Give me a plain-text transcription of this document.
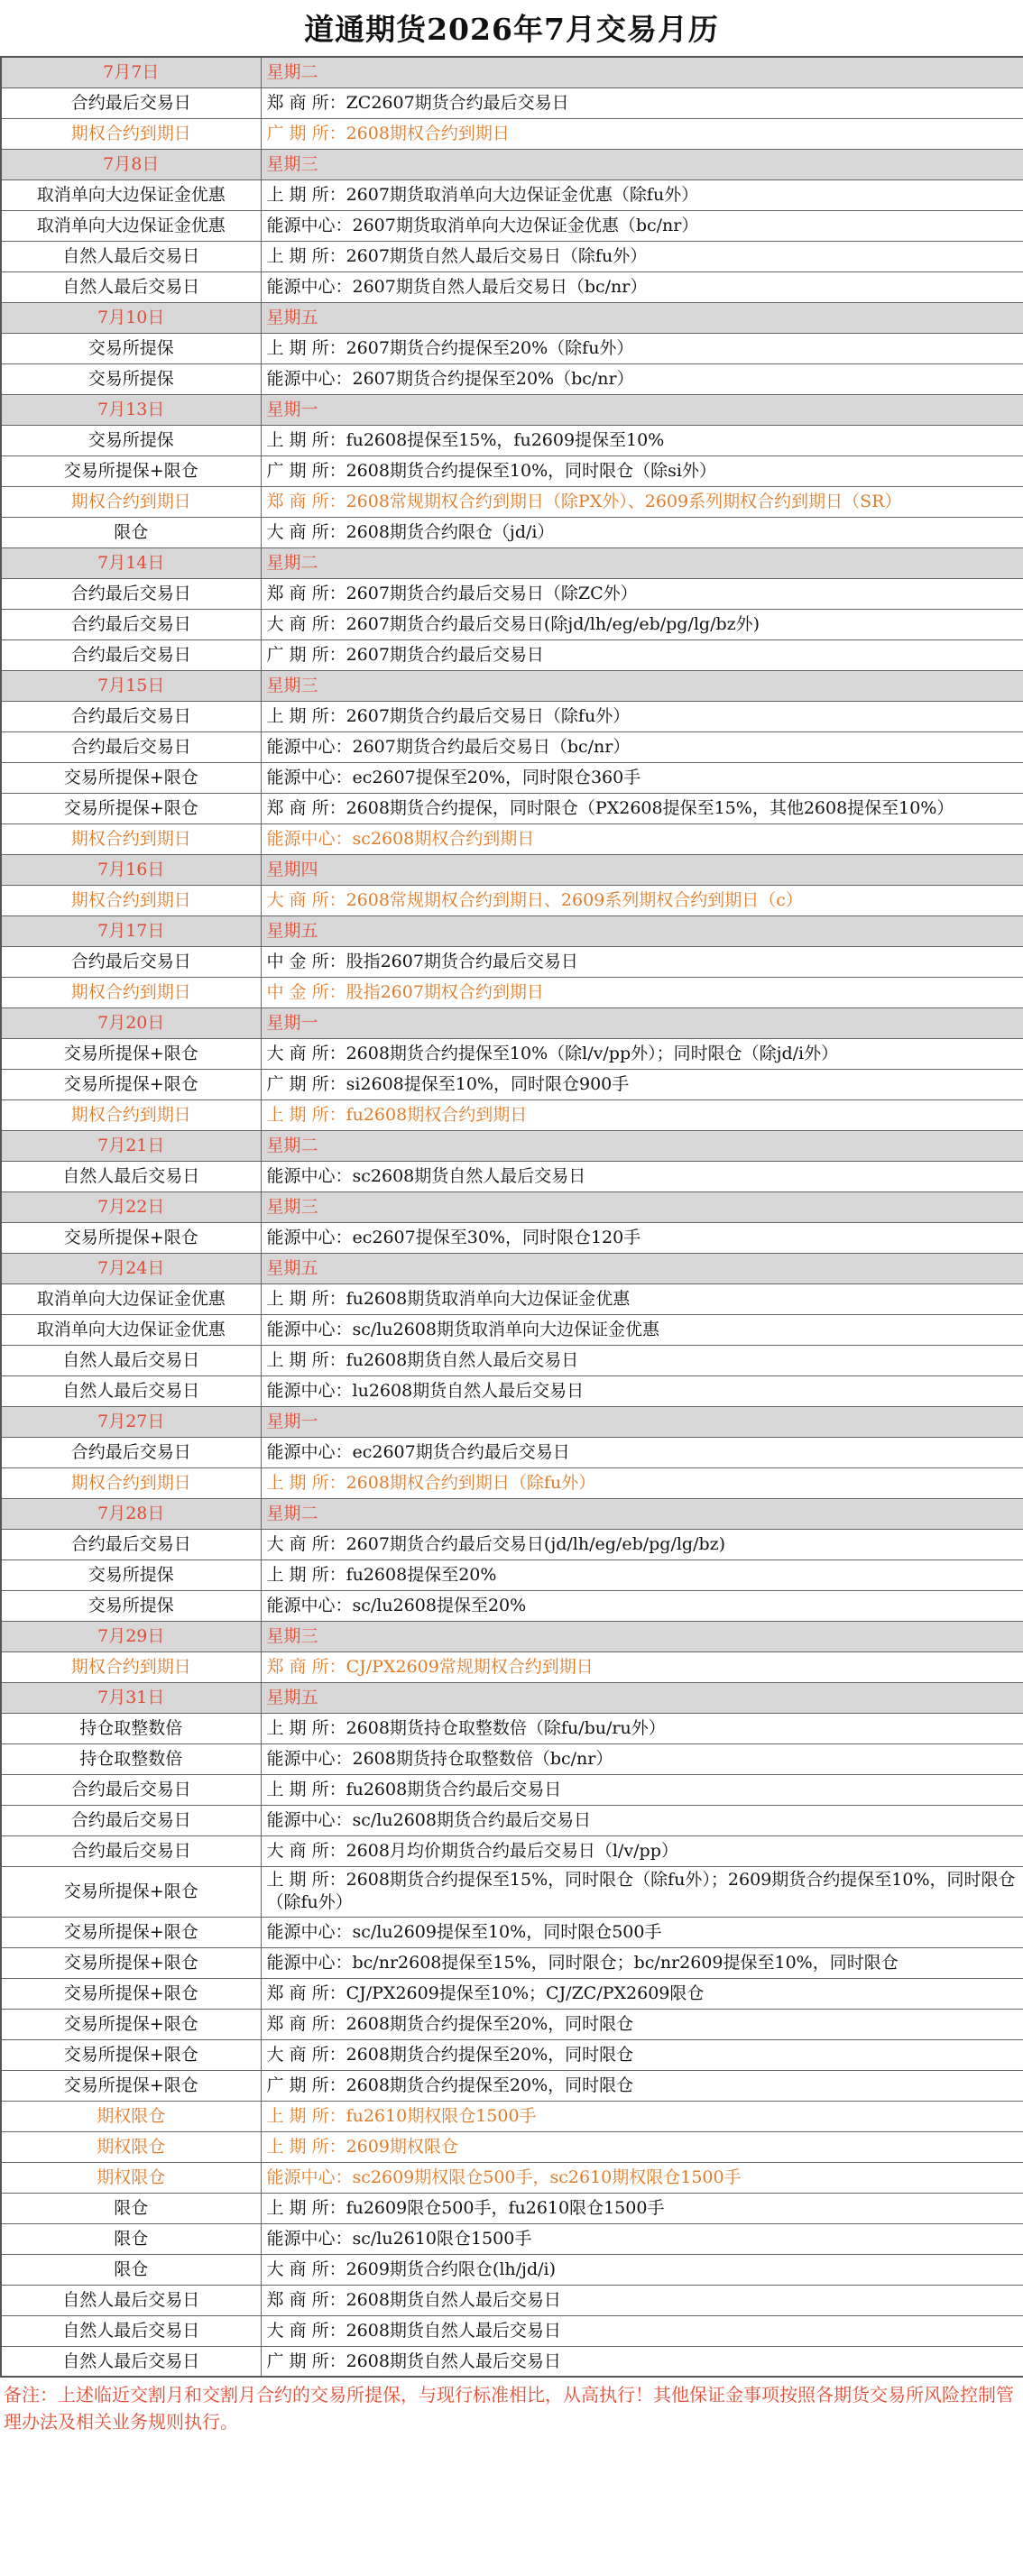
道通期货2026年7月交易月历
7月7日	星期二
合约最后交易日	郑 商 所：ZC2607期货合约最后交易日
期权合约到期日	广 期 所：2608期权合约到期日
7月8日	星期三
取消单向大边保证金优惠	上 期 所：2607期货取消单向大边保证金优惠（除fu外）
取消单向大边保证金优惠	能源中心：2607期货取消单向大边保证金优惠（bc/nr）
自然人最后交易日	上 期 所：2607期货自然人最后交易日（除fu外）
自然人最后交易日	能源中心：2607期货自然人最后交易日（bc/nr）
7月10日	星期五
交易所提保	上 期 所：2607期货合约提保至20%（除fu外）
交易所提保	能源中心：2607期货合约提保至20%（bc/nr）
7月13日	星期一
交易所提保	上 期 所：fu2608提保至15%，fu2609提保至10%
交易所提保+限仓	广 期 所：2608期货合约提保至10%，同时限仓（除si外）
期权合约到期日	郑 商 所：2608常规期权合约到期日（除PX外）、2609系列期权合约到期日（SR）
限仓	大 商 所：2608期货合约限仓（jd/i）
7月14日	星期二
合约最后交易日	郑 商 所：2607期货合约最后交易日（除ZC外）
合约最后交易日	大 商 所：2607期货合约最后交易日(除jd/lh/eg/eb/pg/lg/bz外)
合约最后交易日	广 期 所：2607期货合约最后交易日
7月15日	星期三
合约最后交易日	上 期 所：2607期货合约最后交易日（除fu外）
合约最后交易日	能源中心：2607期货合约最后交易日（bc/nr）
交易所提保+限仓	能源中心：ec2607提保至20%，同时限仓360手
交易所提保+限仓	郑 商 所：2608期货合约提保，同时限仓（PX2608提保至15%，其他2608提保至10%）
期权合约到期日	能源中心：sc2608期权合约到期日
7月16日	星期四
期权合约到期日	大 商 所：2608常规期权合约到期日、2609系列期权合约到期日（c）
7月17日	星期五
合约最后交易日	中 金 所：股指2607期货合约最后交易日
期权合约到期日	中 金 所：股指2607期权合约到期日
7月20日	星期一
交易所提保+限仓	大 商 所：2608期货合约提保至10%（除l/v/pp外）；同时限仓（除jd/i外）
交易所提保+限仓	广 期 所：si2608提保至10%，同时限仓900手
期权合约到期日	上 期 所：fu2608期权合约到期日
7月21日	星期二
自然人最后交易日	能源中心：sc2608期货自然人最后交易日
7月22日	星期三
交易所提保+限仓	能源中心：ec2607提保至30%，同时限仓120手
7月24日	星期五
取消单向大边保证金优惠	上 期 所：fu2608期货取消单向大边保证金优惠
取消单向大边保证金优惠	能源中心：sc/lu2608期货取消单向大边保证金优惠
自然人最后交易日	上 期 所：fu2608期货自然人最后交易日
自然人最后交易日	能源中心：lu2608期货自然人最后交易日
7月27日	星期一
合约最后交易日	能源中心：ec2607期货合约最后交易日
期权合约到期日	上 期 所：2608期权合约到期日（除fu外）
7月28日	星期二
合约最后交易日	大 商 所：2607期货合约最后交易日(jd/lh/eg/eb/pg/lg/bz)
交易所提保	上 期 所：fu2608提保至20%
交易所提保	能源中心：sc/lu2608提保至20%
7月29日	星期三
期权合约到期日	郑 商 所：CJ/PX2609常规期权合约到期日
7月31日	星期五
持仓取整数倍	上 期 所：2608期货持仓取整数倍（除fu/bu/ru外）
持仓取整数倍	能源中心：2608期货持仓取整数倍（bc/nr）
合约最后交易日	上 期 所：fu2608期货合约最后交易日
合约最后交易日	能源中心：sc/lu2608期货合约最后交易日
合约最后交易日	大 商 所：2608月均价期货合约最后交易日（l/v/pp）
交易所提保+限仓	上 期 所：2608期货合约提保至15%，同时限仓（除fu外）；2609期货合约提保至10%，同时限仓（除fu外）
交易所提保+限仓	能源中心：sc/lu2609提保至10%，同时限仓500手
交易所提保+限仓	能源中心：bc/nr2608提保至15%，同时限仓；bc/nr2609提保至10%，同时限仓
交易所提保+限仓	郑 商 所：CJ/PX2609提保至10%；CJ/ZC/PX2609限仓
交易所提保+限仓	郑 商 所：2608期货合约提保至20%，同时限仓
交易所提保+限仓	大 商 所：2608期货合约提保至20%，同时限仓
交易所提保+限仓	广 期 所：2608期货合约提保至20%，同时限仓
期权限仓	上 期 所：fu2610期权限仓1500手
期权限仓	上 期 所：2609期权限仓
期权限仓	能源中心：sc2609期权限仓500手，sc2610期权限仓1500手
限仓	上 期 所：fu2609限仓500手，fu2610限仓1500手
限仓	能源中心：sc/lu2610限仓1500手
限仓	大 商 所：2609期货合约限仓(lh/jd/i)
自然人最后交易日	郑 商 所：2608期货自然人最后交易日
自然人最后交易日	大 商 所：2608期货自然人最后交易日
自然人最后交易日	广 期 所：2608期货自然人最后交易日
备注：上述临近交割月和交割月合约的交易所提保，与现行标准相比，从高执行！其他保证金事项按照各期货交易所风险控制管理办法及相关业务规则执行。
